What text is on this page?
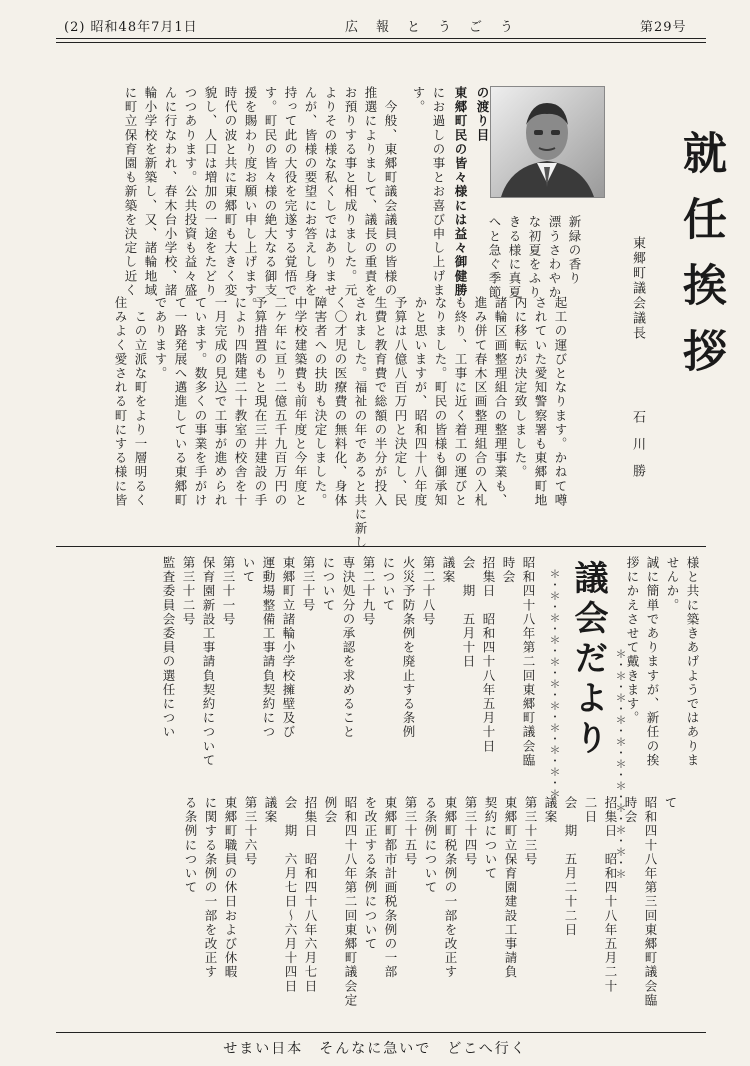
(2) 昭和48年7月1日	広報とうごう	第29号
就任挨拶
東郷町議会議長
石川勝

新緑の香り
漂うさわやか
な初夏をふり
きる様に真夏
へと急ぐ季節

の渡り目
東郷町民の皆々様には益々御健勝
にお過しの事とお喜び申し上げま
す。
　今般、東郷町議会議員の皆様の
推選によりまして、議長の重責を
お預りする事と相成りました。元
よりその様な私くしではありませ
んが、皆様の要望にお答えし身を
持って此の大役を完遂する覚悟で
す。町民の皆々様の絶大なる御支
援を賜わり度お願い申し上げます。
時代の波と共に東郷町も大きく変
貌し、人口は増加の一途をたどり
つつあります。公共投資も益々盛
んに行なわれ、春木台小学校、諸
輪小学校を新築し、又、諸輪地域
に町立保育園も新築を決定し近く
起工の運びとなります。かねて噂
されていた愛知警察署も東郷町地
内に移転が決定致しました。
諸輪区画整理組合の整理事業も、
進み併て春木区画整理組合の入札
も終り、工事に近く着工の運びと
なりました。町民の皆様も御承知
かと思いますが、昭和四十八年度
予算は八億八百万円と決定し、民
生費と教育費で総額の半分が投入
されました。福祉の年であると共に新し
く〇才児の医療費の無料化、身体
障害者への扶助も決定しました。
中学校建築費も前年度と今年度と
二ケ年に亘り二億五千九百万円の
予算措置のもと現在三井建設の手
により四階建二十教室の校舎を十
一月完成の見込で工事が進められ
ています。数多くの事業を手がけ
て一路発展へ邁進している東郷町
であります。
　この立派な町をより一層明るく
住みよく愛される町にする様に皆
様と共に築きあげようではありま
せんか。
誠に簡単でありますが、新任の挨
拶にかえさせて戴きます。
議会だより ＊・＊・＊・＊・＊・＊・＊・＊・＊・＊・＊
＊・＊・＊・＊・＊・＊・＊・＊・＊・＊・＊
昭和四十八年第二回東郷町議会臨
時会
招集日　昭和四十八年五月十日
会　期　五月十日
議案
第二十八号
火災予防条例を廃止する条例
について
第二十九号
専決処分の承認を求めること
について
第三十号
東郷町立諸輪小学校擁壁及び
運動場整備工事請負契約につ
いて
第三十一号
保育園新設工事請負契約について
第三十二号
監査委員会委員の選任につい
て
昭和四十八年第三回東郷町議会臨
時会
招集日　昭和四十八年五月二十
二日
会　期　五月二十二日
議案
第三十三号
東郷町立保育園建設工事請負
契約について
第三十四号
東郷町税条例の一部を改正す
る条例について
第三十五号
東郷町都市計画税条例の一部
を改正する条例について
昭和四十八年第二回東郷町議会定
例会
招集日　昭和四十八年六月七日
会　期　六月七日〜六月十四日
議案
第三十六号
東郷町職員の休日および休暇
に関する条例の一部を改正す
る条例について
せまい日本　そんなに急いで　どこへ行く
